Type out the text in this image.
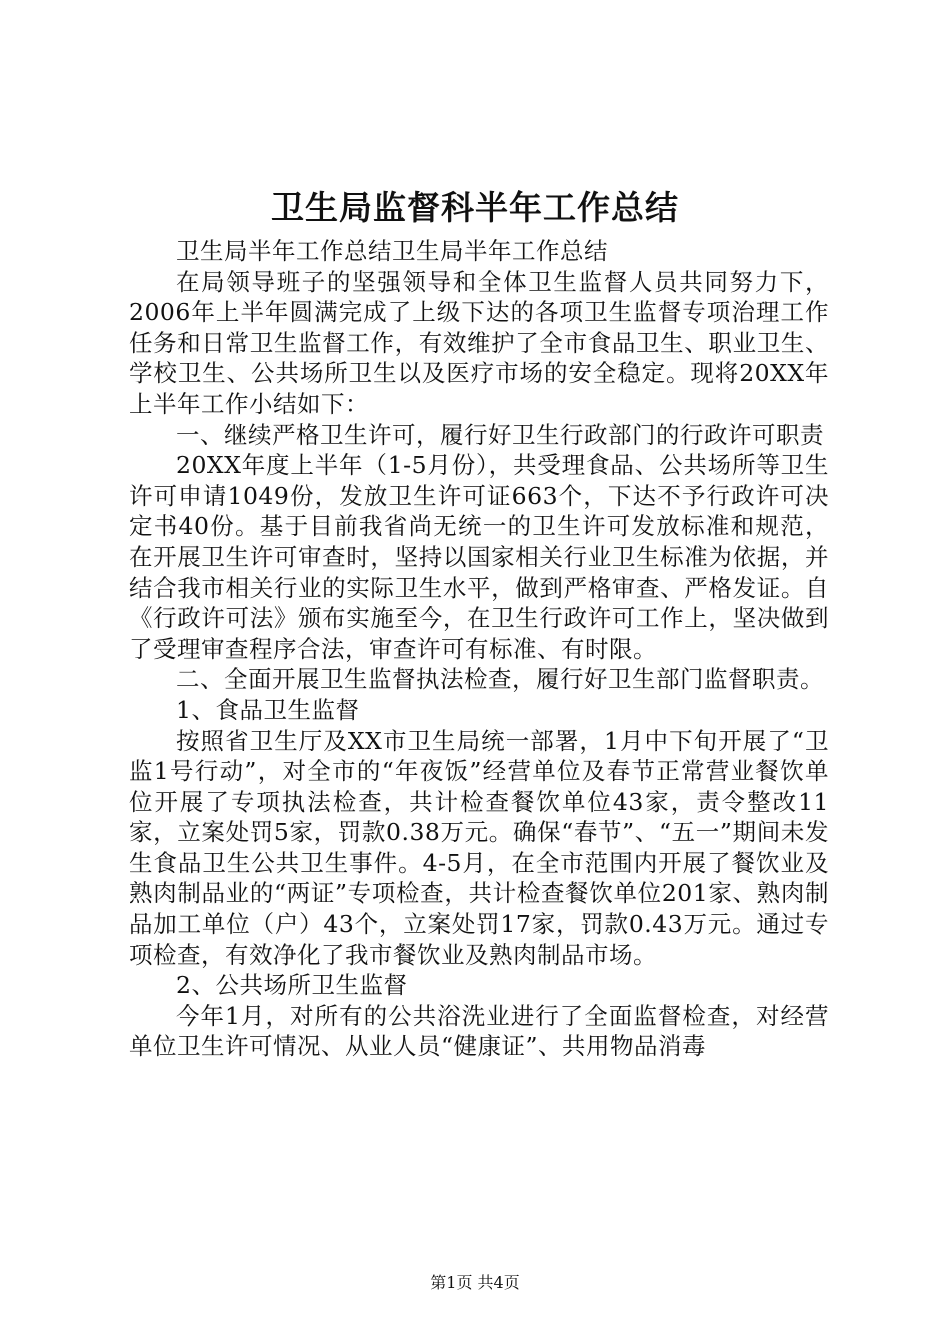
卫生局监督科半年工作总结

卫生局半年工作总结卫生局半年工作总结

在局领导班子的坚强领导和全体卫生监督人员共同努力下，2006年上半年圆满完成了上级下达的各项卫生监督专项治理工作任务和日常卫生监督工作，有效维护了全市食品卫生、职业卫生、学校卫生、公共场所卫生以及医疗市场的安全稳定。现将20XX年上半年工作小结如下：

一、继续严格卫生许可，履行好卫生行政部门的行政许可职责

20XX年度上半年（1-5月份），共受理食品、公共场所等卫生许可申请1049份，发放卫生许可证663个，下达不予行政许可决定书40份。基于目前我省尚无统一的卫生许可发放标准和规范，在开展卫生许可审查时，坚持以国家相关行业卫生标准为依据，并结合我市相关行业的实际卫生水平，做到严格审查、严格发证。自《行政许可法》颁布实施至今，在卫生行政许可工作上，坚决做到了受理审查程序合法，审查许可有标准、有时限。

二、全面开展卫生监督执法检查，履行好卫生部门监督职责。

1、食品卫生监督

按照省卫生厅及XX市卫生局统一部署，1月中下旬开展了“卫监1号行动”，对全市的“年夜饭”经营单位及春节正常营业餐饮单位开展了专项执法检查，共计检查餐饮单位43家，责令整改11家，立案处罚5家，罚款0.38万元。确保“春节”、“五一”期间未发生食品卫生公共卫生事件。4-5月，在全市范围内开展了餐饮业及熟肉制品业的“两证”专项检查，共计检查餐饮单位201家、熟肉制品加工单位（户）43个，立案处罚17家，罚款0.43万元。通过专项检查，有效净化了我市餐饮业及熟肉制品市场。

2、公共场所卫生监督

今年1月，对所有的公共浴洗业进行了全面监督检查，对经营单位卫生许可情况、从业人员“健康证”、共用物品消毒

第1页 共4页
